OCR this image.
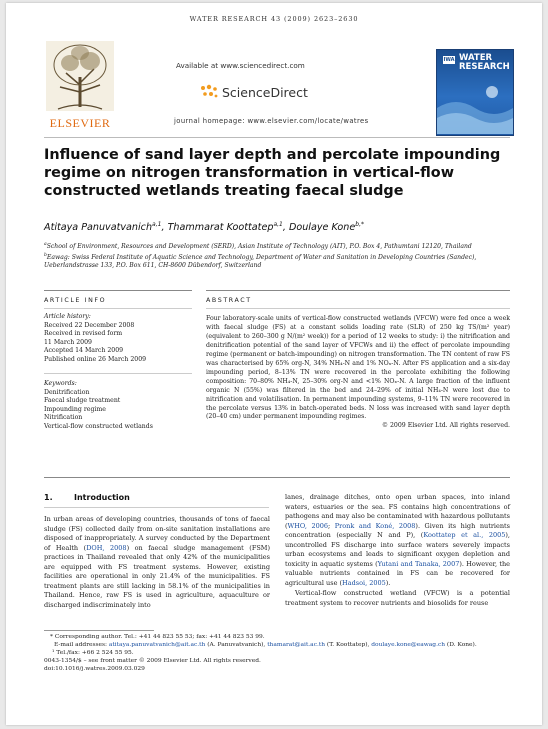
WATER RESEARCH 43 (2009) 2623–2630
ELSEVIER
Available at www.sciencedirect.com
ScienceDirect
journal homepage: www.elsevier.com/locate/watres
IWA WATER RESEARCH
Influence of sand layer depth and percolate impounding regime on nitrogen transformation in vertical-flow constructed wetlands treating faecal sludge
Atitaya Panuvatvanich$^{a,1}$, Thammarat Koottatep$^{a,1}$, Doulaye Kone$^{b,*}$
$^a$School of Environment, Resources and Development (SERD), Asian Institute of Technology (AIT), P.O. Box 4, Pathumtani 12120, Thailand
$^b$Eawag: Swiss Federal Institute of Aquatic Science and Technology, Department of Water and Sanitation in Developing Countries (Sandec), Ueberlandstrasse 133, P.O. Box 611, CH-8600 Dübendorf, Switzerland
ARTICLE INFO
Article history:
Received 22 December 2008
Received in revised form
11 March 2009
Accepted 14 March 2009
Published online 26 March 2009
Keywords:
Denitrification
Faecal sludge treatment
Impounding regime
Nitrification
Vertical-flow constructed wetlands
ABSTRACT
Four laboratory-scale units of vertical-flow constructed wetlands (VFCW) were fed once a week with faecal sludge (FS) at a constant solids loading rate (SLR) of 250 kg TS/(m² year) (equivalent to 260–300 g N/(m² week)) for a period of 12 weeks to study: i) the nitrification and denitrification potential of the sand layer of VFCWs and ii) the effect of percolate impounding regime (permanent or batch-impounding) on nitrogen transformation. The TN content of raw FS was characterised by 65% org-N, 34% NH₄-N and 1% NOₓ-N. After FS application and a six-day impounding period, 8–13% TN were recovered in the percolate exhibiting the following composition: 70–80% NH₄-N, 25–30% org-N and <1% NOₓ-N. A large fraction of the influent organic N (55%) was filtered in the bed and 24–29% of initial NH₄-N were lost due to nitrification and volatilisation. In permanent impounding systems, 9–11% TN were recovered in the percolate versus 13% in batch-operated beds. N loss was increased with sand layer depth (20–40 cm) under permanent impounding regimes.
© 2009 Elsevier Ltd. All rights reserved.
1.	Introduction
In urban areas of developing countries, thousands of tons of faecal sludge (FS) collected daily from on-site sanitation installations are disposed of inappropriately. A survey conducted by the Department of Health (DOH, 2008) on faecal sludge management (FSM) practices in Thailand revealed that only 42% of the municipalities are equipped with FS treatment systems. However, existing facilities are operational in only 21.4% of the municipalities. FS treatment plants are still lacking in 58.1% of the municipalities in Thailand. Hence, raw FS is used in agriculture, aquaculture or discharged indiscriminately into
lanes, drainage ditches, onto open urban spaces, into inland waters, estuaries or the sea. FS contains high concentrations of pathogens and may also be contaminated with hazardous pollutants (WHO, 2006; Pronk and Koné, 2008). Given its high nutrients concentration (especially N and P), (Koottatep et al., 2005), uncontrolled FS discharge into surface waters severely impacts urban ecosystems and leads to significant oxygen depletion and toxicity in aquatic systems (Yutani and Tanaka, 2007). However, the valuable nutrients contained in FS can be recovered for agricultural use (Hadsoi, 2005).
Vertical-flow constructed wetland (VFCW) is a potential treatment system to recover nutrients and biosolids for reuse
* Corresponding author. Tel.: +41 44 823 55 53; fax: +41 44 823 53 99.
E-mail addresses: atitaya.panuvatvanich@ait.ac.th (A. Panuvatvanich), thamarat@ait.ac.th (T. Koottatep), doulaye.kone@eawag.ch (D. Kone).
¹ Tel./fax: +66 2 524 55 95.
0043-1354/$ – see front matter © 2009 Elsevier Ltd. All rights reserved.
doi:10.1016/j.watres.2009.03.029
